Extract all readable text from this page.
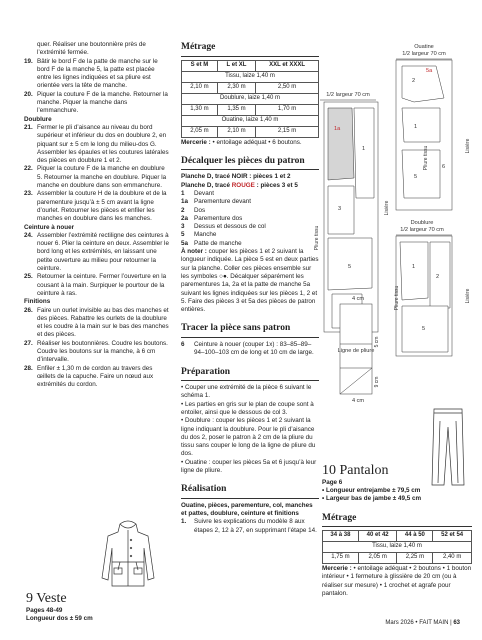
quer. Réaliser une boutonnière près de l’extrémité fermée.
19. Bâtir le bord F de la patte de manche sur le bord F de la manche 5, la patte est placée entre les lignes indiquées et sa pliure est orientée vers la tête de manche.
20. Piquer la couture F de la manche. Retourner la manche. Piquer la manche dans l’emmanchure.
Doublure
21. Fermer le pli d’aisance au niveau du bord supérieur et inférieur du dos en doublure 2, en piquant sur ± 5 cm le long du milieu-dos G. Assembler les épaules et les coutures latérales des pièces en doublure 1 et 2.
22. Piquer la couture F de la manche en doublure 5. Retourner la manche en doublure. Piquer la manche en doublure dans son emmanchure.
23. Assembler la couture H de la doublure et de la parementure jusqu’à ± 5 cm avant la ligne d’ourlet. Retourner les pièces et enfiler les manches en doublure dans les manches.
Ceinture à nouer
24. Assembler l’extrémité rectiligne des ceintures à nouer 6. Plier la ceinture en deux. Assembler le bord long et les extrémités, en laissant une petite ouverture au milieu pour retourner la ceinture.
25. Retourner la ceinture. Fermer l’ouverture en la cousant à la main. Surpiquer le pourtour de la ceinture à ras.
Finitions
26. Faire un ourlet invisible au bas des manches et des pièces. Rabattre les ourlets de la doublure et les coudre à la main sur le bas des manches et des pièces.
27. Réaliser les boutonnières. Coudre les boutons. Coudre les boutons sur la manche, à 6 cm d’intervalle.
28. Enfiler ± 1,30 m de cordon au travers des œillets de la capuche. Faire un nœud aux extrémités du cordon.
9 Veste
Pages 48-49
Longueur dos ± 59 cm
Métrage
S et M	L et XL	XXL et XXXL
Tissu, laize 1,40 m		
2,10 m	2,30 m	2,50 m
Doublure, laize 1,40 m		
1,30 m	1,35 m	1,70 m
Ouatine, laize 1,40 m		
2,05 m	2,10 m	2,15 m
Mercerie : • entoilage adéquat • 6 boutons.
Décalquer les pièces du patron
Planche D, tracé NOIR : pièces 1 et 2
Planche D, tracé ROUGE : pièces 3 et 5
1	Devant
1a Parementure devant
2	Dos
2a Parementure dos
3	Dessus et dessous de col
5	Manche
5a Patte de manche
À noter : couper les pièces 1 et 2 suivant la longueur indiquée. La pièce 5 est en deux parties sur la planche. Coller ces pièces ensemble sur les symboles ○●. Décalquer séparément les parementures 1a, 2a et la patte de manche 5a suivant les lignes indiquées sur les pièces 1, 2 et 5. Faire des pièces 3 et 5a des pièces de patron entières.
Tracer la pièce sans patron
6	Ceinture à nouer (couper 1x) : 83–85–89–94–100–103 cm de long et 10 cm de large.
Préparation
• Couper une extrémité de la pièce 6 suivant le schéma 1.
• Les parties en gris sur le plan de coupe sont à entoiler, ainsi que le dessous de col 3.
• Doublure : couper les pièces 1 et 2 suivant la ligne indiquant la doublure. Pour le pli d’aisance du dos 2, poser le patron à 2 cm de la pliure du tissu sans couper le long de la ligne de pliure du dos.
• Ouatine : couper les pièces 5a et 6 jusqu’à leur ligne de pliure.
Réalisation
Ouatine, pièces, parementure, col, manches et pattes, doublure, ceinture et finitions
1.	Suivre les explications du modèle 8 aux étapes 2, 12 à 27, en supprimant l’étape 14.
Ouatine
1/2 largeur 70 cm
2
5a
1
5
6
Pliure tissu	Lisière
1/2 largeur 70 cm
1a
1
3
5
Pliure tissu
Lisière
Doublure
1/2 largeur 70 cm
1
2
5
Pliure tissu	Lisière
4 cm
Ligne de pliure
5 cm
9 cm
4 cm
10 Pantalon
Page 6
• Longueur entrejambe ± 79,5 cm
• Largeur bas de jambe ± 49,5 cm
Métrage
34 à 38	40 et 42	44 à 50	52 et 54
Tissu, laize 1,40 m			
1,75 m	2,05 m	2,25 m	2,40 m
Mercerie : • entoilage adéquat • 2 boutons • 1 bouton intérieur • 1 fermeture à glissière de 20 cm (ou à réaliser sur mesure) • 1 crochet et agrafe pour pantalon.
Mars 2026 • FAIT MAIN | 63
